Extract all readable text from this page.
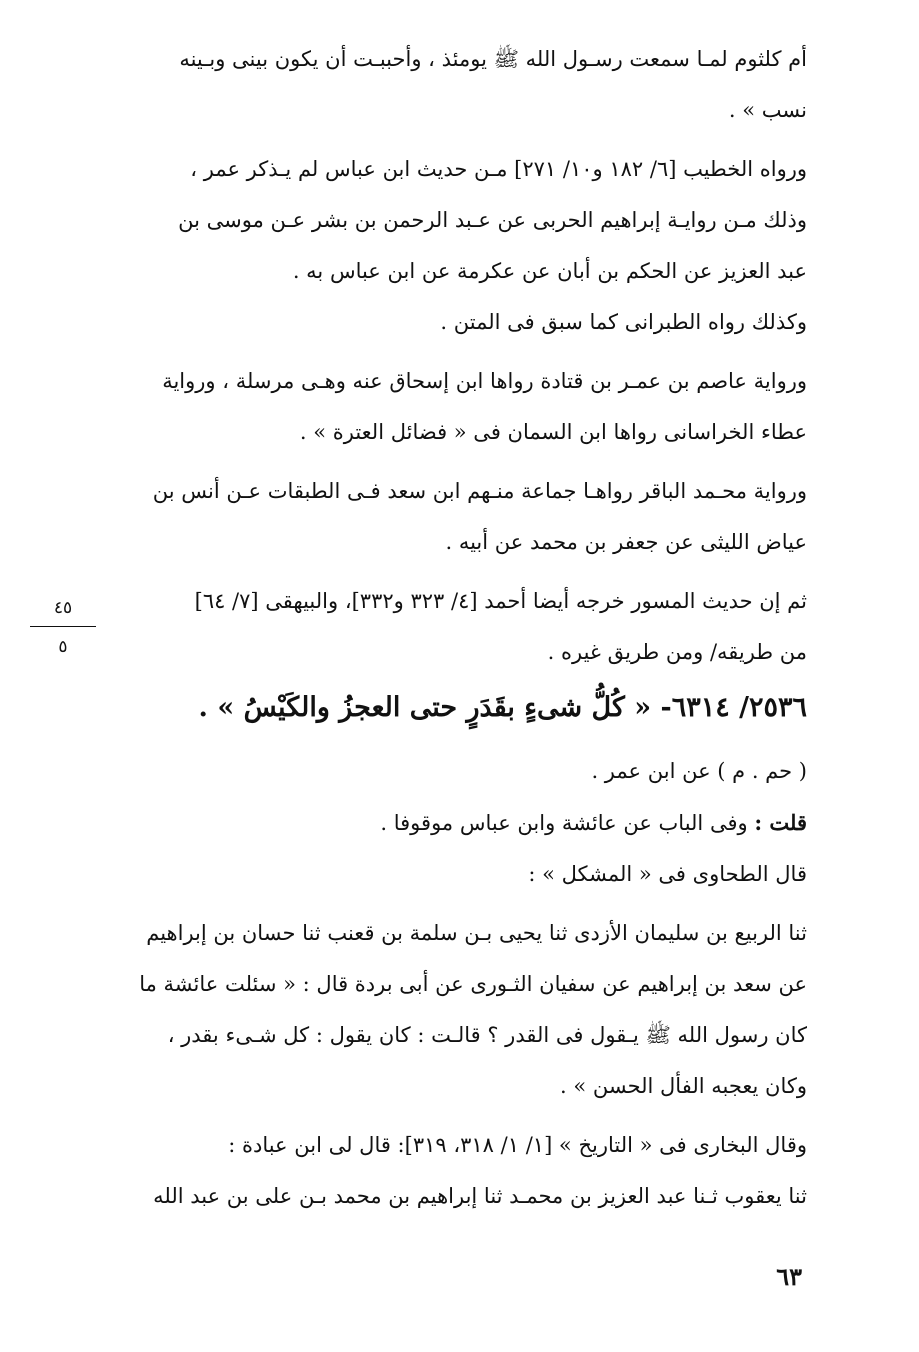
أم كلثوم لمـا سمعت رسـول الله ﷺ يومئذ ، وأحببـت أن يكون بينى وبـينه
نسب » .
ورواه الخطيب [٦/ ١٨٢ و١٠/ ٢٧١] مـن حديث ابن عباس لم يـذكر عمر ،
وذلك مـن روايـة إبراهيم الحربى عن عـبد الرحمن بن بشر عـن موسى بن
عبد العزيز عن الحكم بن أبان عن عكرمة عن ابن عباس به .
وكذلك رواه الطبرانى كما سبق فى المتن .
ورواية عاصم بن عمـر بن قتادة رواها ابن إسحاق عنه وهـى مرسلة ، ورواية
عطاء الخراسانى رواها ابن السمان فى « فضائل العترة » .
ورواية محـمد الباقر رواهـا جماعة منـهم ابن سعد فـى الطبقات عـن أنس بن
عياض الليثى عن جعفر بن محمد عن أبيه .
ثم إن حديث المسور خرجه أيضا أحمد [٤/ ٣٢٣ و٣٣٢]، والبيهقى [٧/ ٦٤]
من طريقه/ ومن طريق غيره .
٢٥٣٦/ ٦٣١٤- « كُلُّ شىءٍ بقَدَرٍ حتى العجزُ والكَيْسُ » .
( حم . م ) عن ابن عمر .
قلت : وفى الباب عن عائشة وابن عباس موقوفا .
قال الطحاوى فى « المشكل » :
ثنا الربيع بن سليمان الأزدى ثنا يحيى بـن سلمة بن قعنب ثنا حسان بن إبراهيم
عن سعد بن إبراهيم عن سفيان الثـورى عن أبى بردة قال : « سئلت عائشة ما
كان رسول الله ﷺ يـقول فى القدر ؟ قالـت : كان يقول : كل شـىء بقدر ،
وكان يعجبه الفأل الحسن » .
وقال البخارى فى « التاريخ » [١/ ١/ ٣١٨، ٣١٩]: قال لى ابن عبادة :
ثنا يعقوب ثـنا عبد العزيز بن محمـد ثنا إبراهيم بن محمد بـن على بن عبد الله
٤٥
٥
٦٣
